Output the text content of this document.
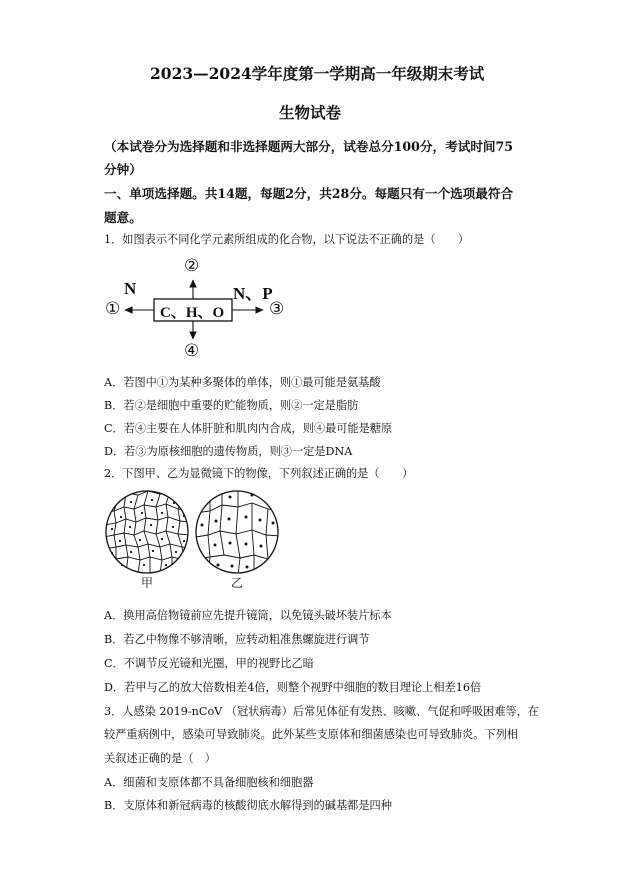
2023—2024学年度第一学期高一年级期末考试
生物试卷
（本试卷分为选择题和非选择题两大部分，试卷总分100分，考试时间75
分钟）
一、单项选择题。共14题，每题2分，共28分。每题只有一个选项最符合
题意。
1．如图表示不同化学元素所组成的化合物，以下说法不正确的是（　　）
C、H、O
N	N、P
①
②
③
④
A．若图中①为某种多聚体的单体，则①最可能是氨基酸
B．若②是细胞中重要的贮能物质，则②一定是脂肪
C．若④主要在人体肝脏和肌肉内合成，则④最可能是糖原
D．若③为原核细胞的遗传物质，则③一定是DNA
2．下图甲、乙为显微镜下的物像，下列叙述正确的是（　　）
甲	乙
A．换用高倍物镜前应先提升镜筒，以免镜头破坏装片标本
B．若乙中物像不够清晰，应转动粗准焦螺旋进行调节
C．不调节反光镜和光圈，甲的视野比乙暗
D．若甲与乙的放大倍数相差4倍，则整个视野中细胞的数目理论上相差16倍
3．人感染 2019-nCoV （冠状病毒）后常见体征有发热、咳嗽、气促和呼吸困难等，在
较严重病例中，感染可导致肺炎。此外某些支原体和细菌感染也可导致肺炎。下列相
关叙述正确的是（　）
A．细菌和支原体都不具备细胞核和细胞器
B．支原体和新冠病毒的核酸彻底水解得到的碱基都是四种
